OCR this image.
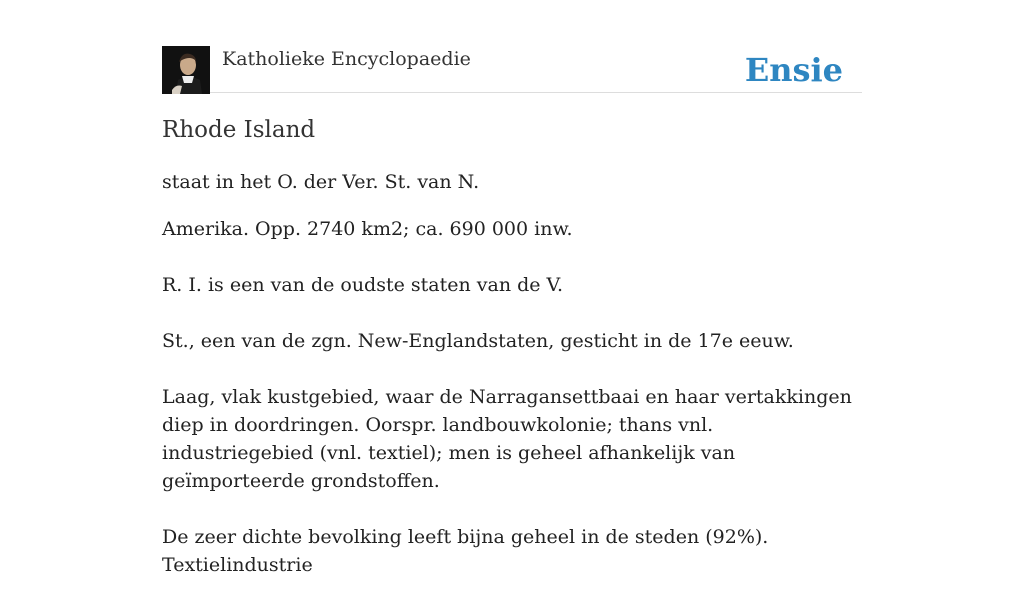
Katholieke Encyclopaedie	Ensie
Rhode Island
staat in het O. der Ver. St. van N.

Amerika. Opp. 2740 km2; ca. 690 000 inw.

R. I. is een van de oudste staten van de V.

St., een van de zgn. New-Englandstaten, gesticht in de 17e eeuw.

Laag, vlak kustgebied, waar de Narragansettbaai en haar vertakkingen diep in doordringen. Oorspr. landbouwkolonie; thans vnl. industriegebied (vnl. textiel); men is geheel afhankelijk van geïmporteerde grondstoffen.

De zeer dichte bevolking leeft bijna geheel in de steden (92%). Textielindustrie
